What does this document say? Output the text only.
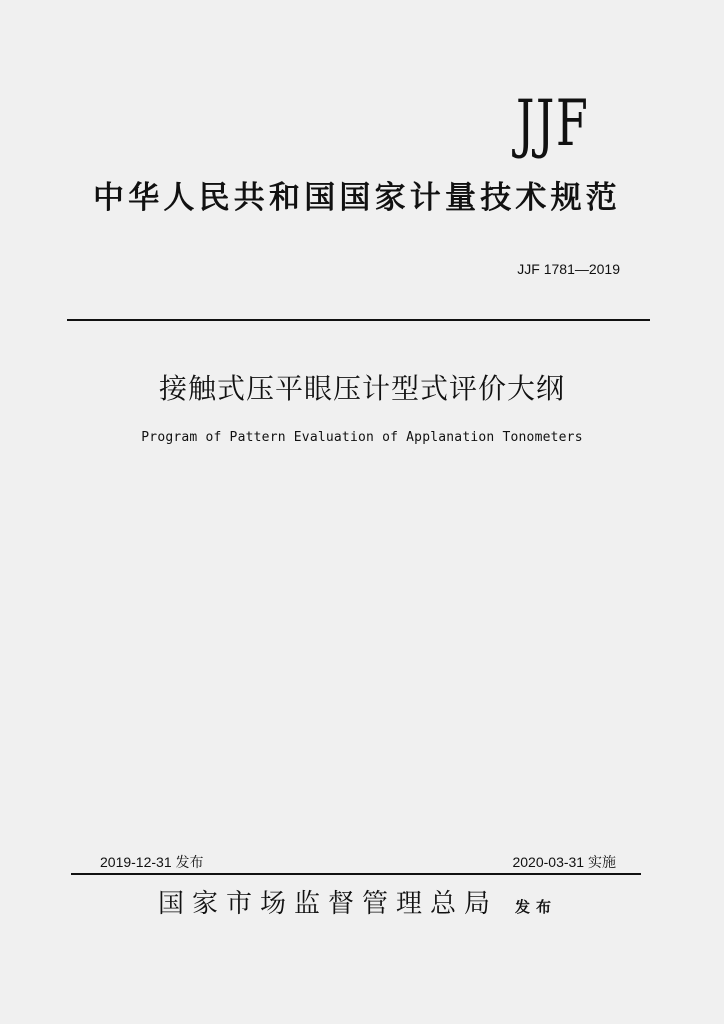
JJF
中华人民共和国国家计量技术规范
JJF 1781—2019
接触式压平眼压计型式评价大纲
Program of Pattern Evaluation of Applanation Tonometers
2019-12-31 发布	2020-03-31 实施
国家市场监督管理总局 发布
